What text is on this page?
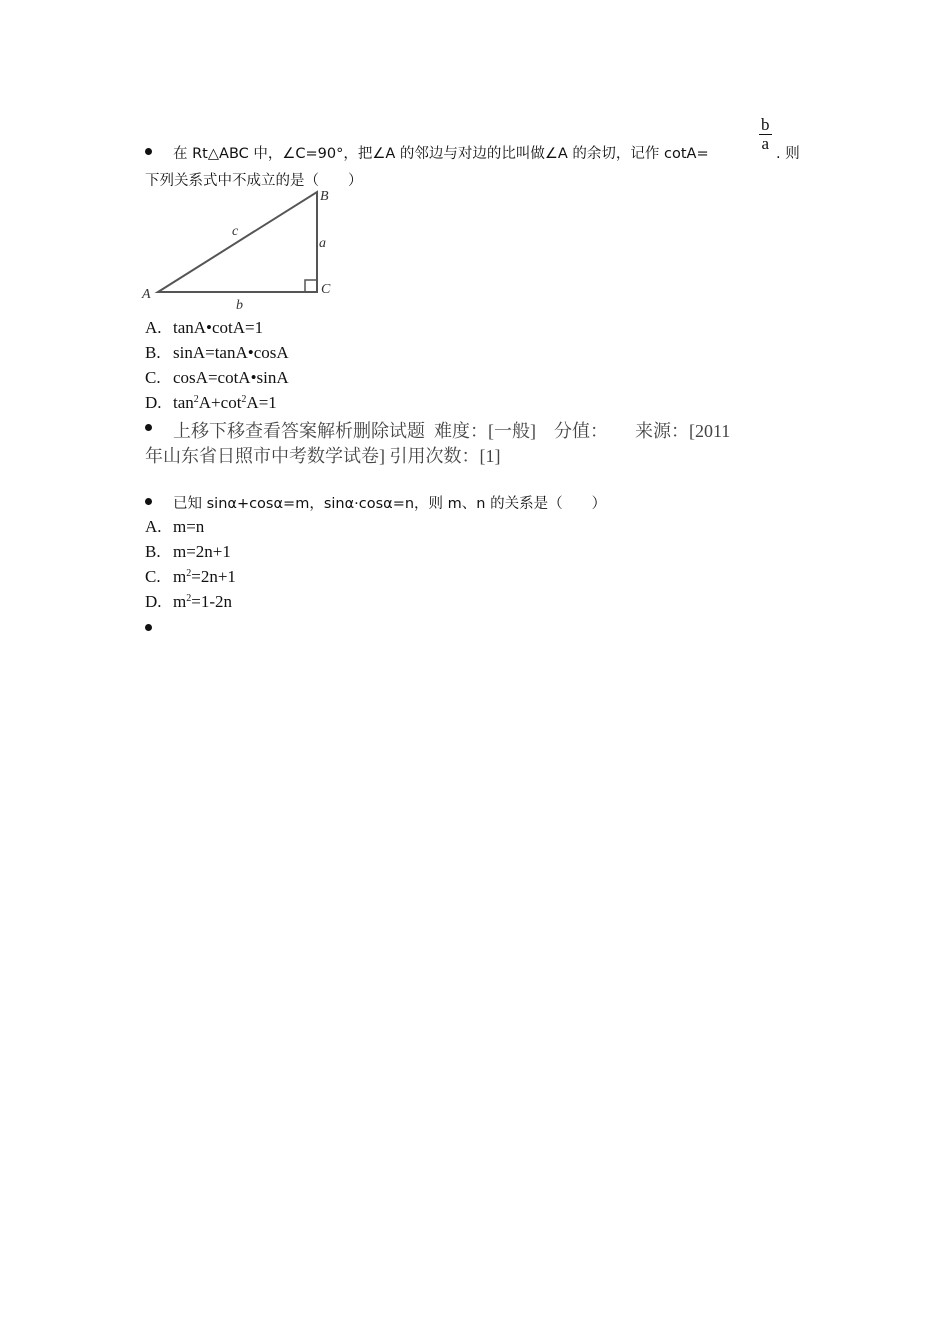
在 Rt△ABC 中，∠C=90°，把∠A 的邻边与对边的比叫做∠A 的余切，记作 cotA=
$\frac{b}{a}$
. 则
下列关系式中不成立的是（　　）
A
B
C
a
b
c
A. tanA•cotA=1
B. sinA=tanA•cosA
C. cosA=cotA•sinA
D. $\tan^2A+\cot^2A=1$
上移下移查看答案解析删除试题  难度：[一般]    分值：      来源：[2011
年山东省日照市中考数学试卷] 引用次数：[1]
已知 sinα+cosα=m，sinα·cosα=n，则 m、n 的关系是（　　）
A. m=n
B. m=2n+1
C. $m^2=2n+1$
D. $m^2=1-2n$
